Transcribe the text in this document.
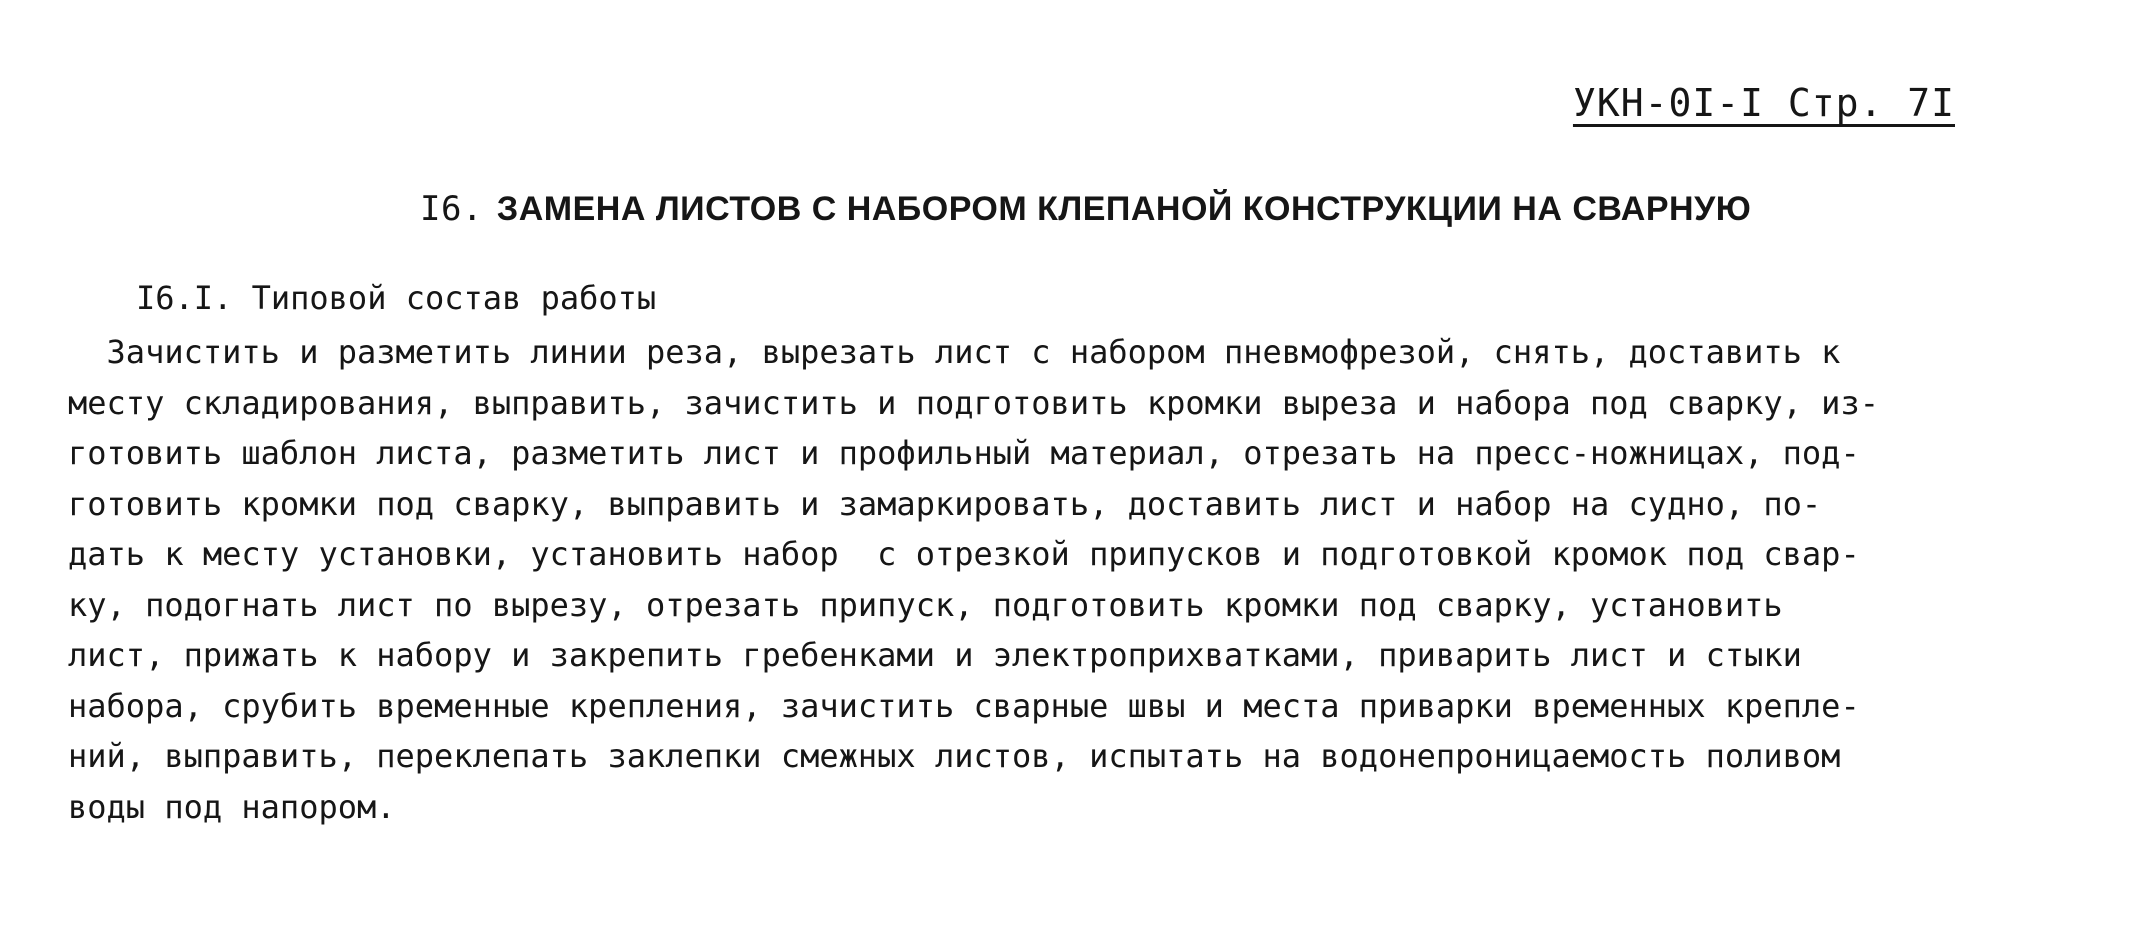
УКН-0I-I Стр. 7I
I6. ЗАМЕНА ЛИСТОВ С НАБОРОМ КЛЕПАНОЙ КОНСТРУКЦИИ НА СВАРНУЮ
I6.I. Типовой состав работы
Зачистить и разметить линии реза, вырезать лист с набором пневмофрезой, снять, доставить к
месту складирования, выправить, зачистить и подготовить кромки выреза и набора под сварку, из-
готовить шаблон листа, разметить лист и профильный материал, отрезать на пресс-ножницах, под-
готовить кромки под сварку, выправить и замаркировать, доставить лист и набор на судно, по-
дать к месту установки, установить набор  с отрезкой припусков и подготовкой кромок под свар-
ку, подогнать лист по вырезу, отрезать припуск, подготовить кромки под сварку, установить
лист, прижать к набору и закрепить гребенками и электроприхватками, приварить лист и стыки
набора, срубить временные крепления, зачистить сварные швы и места приварки временных крепле-
ний, выправить, переклепать заклепки смежных листов, испытать на водонепроницаемость поливом
воды под напором.
